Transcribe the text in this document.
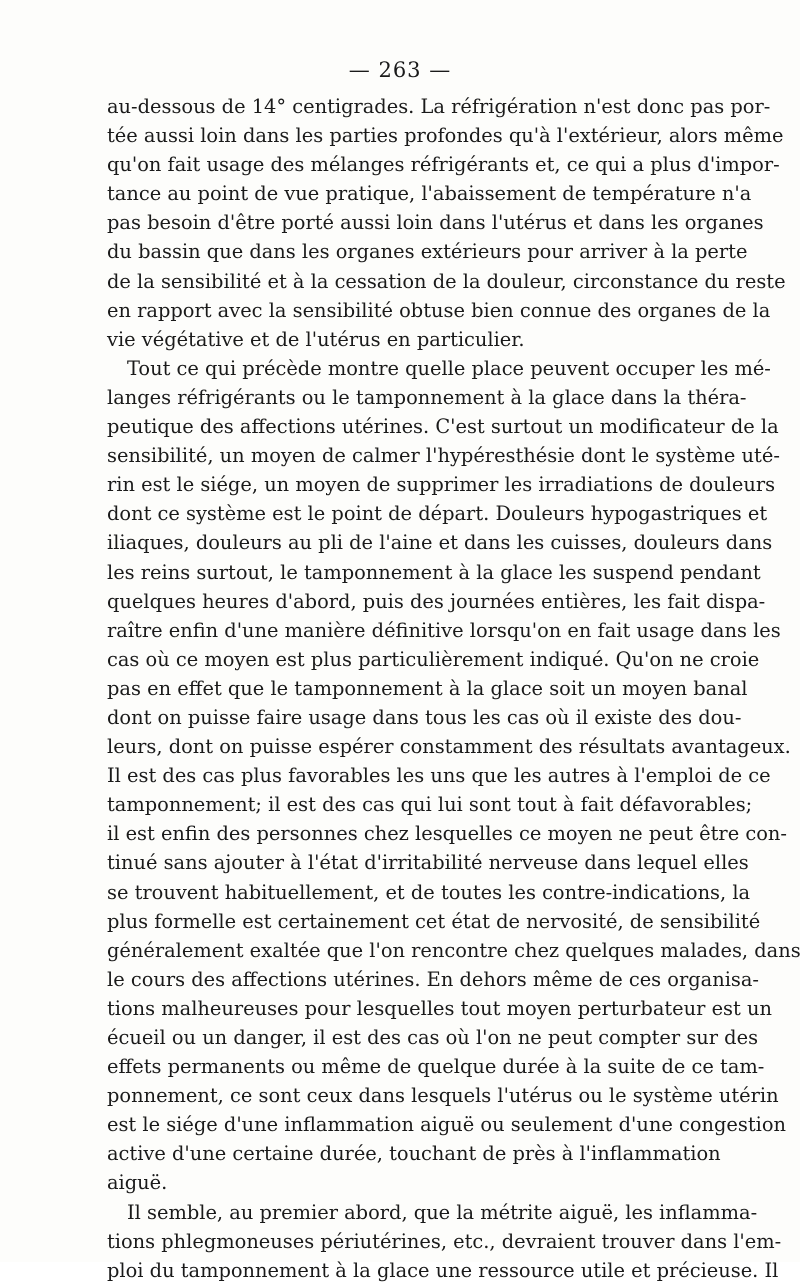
— 263 —
au-dessous de 14° centigrades. La réfrigération n'est donc pas por-
tée aussi loin dans les parties profondes qu'à l'extérieur, alors même
qu'on fait usage des mélanges réfrigérants et, ce qui a plus d'impor-
tance au point de vue pratique, l'abaissement de température n'a
pas besoin d'être porté aussi loin dans l'utérus et dans les organes
du bassin que dans les organes extérieurs pour arriver à la perte
de la sensibilité et à la cessation de la douleur, circonstance du reste
en rapport avec la sensibilité obtuse bien connue des organes de la
vie végétative et de l'utérus en particulier.
Tout ce qui précède montre quelle place peuvent occuper les mé-
langes réfrigérants ou le tamponnement à la glace dans la théra-
peutique des affections utérines. C'est surtout un modificateur de la
sensibilité, un moyen de calmer l'hypéresthésie dont le système uté-
rin est le siége, un moyen de supprimer les irradiations de douleurs
dont ce système est le point de départ. Douleurs hypogastriques et
iliaques, douleurs au pli de l'aine et dans les cuisses, douleurs dans
les reins surtout, le tamponnement à la glace les suspend pendant
quelques heures d'abord, puis des journées entières, les fait dispa-
raître enfin d'une manière définitive lorsqu'on en fait usage dans les
cas où ce moyen est plus particulièrement indiqué. Qu'on ne croie
pas en effet que le tamponnement à la glace soit un moyen banal
dont on puisse faire usage dans tous les cas où il existe des dou-
leurs, dont on puisse espérer constamment des résultats avantageux.
Il est des cas plus favorables les uns que les autres à l'emploi de ce
tamponnement; il est des cas qui lui sont tout à fait défavorables;
il est enfin des personnes chez lesquelles ce moyen ne peut être con-
tinué sans ajouter à l'état d'irritabilité nerveuse dans lequel elles
se trouvent habituellement, et de toutes les contre-indications, la
plus formelle est certainement cet état de nervosité, de sensibilité
généralement exaltée que l'on rencontre chez quelques malades, dans
le cours des affections utérines. En dehors même de ces organisa-
tions malheureuses pour lesquelles tout moyen perturbateur est un
écueil ou un danger, il est des cas où l'on ne peut compter sur des
effets permanents ou même de quelque durée à la suite de ce tam-
ponnement, ce sont ceux dans lesquels l'utérus ou le système utérin
est le siége d'une inflammation aiguë ou seulement d'une congestion
active d'une certaine durée, touchant de près à l'inflammation
aiguë.
Il semble, au premier abord, que la métrite aiguë, les inflamma-
tions phlegmoneuses périutérines, etc., devraient trouver dans l'em-
ploi du tamponnement à la glace une ressource utile et précieuse. Il
